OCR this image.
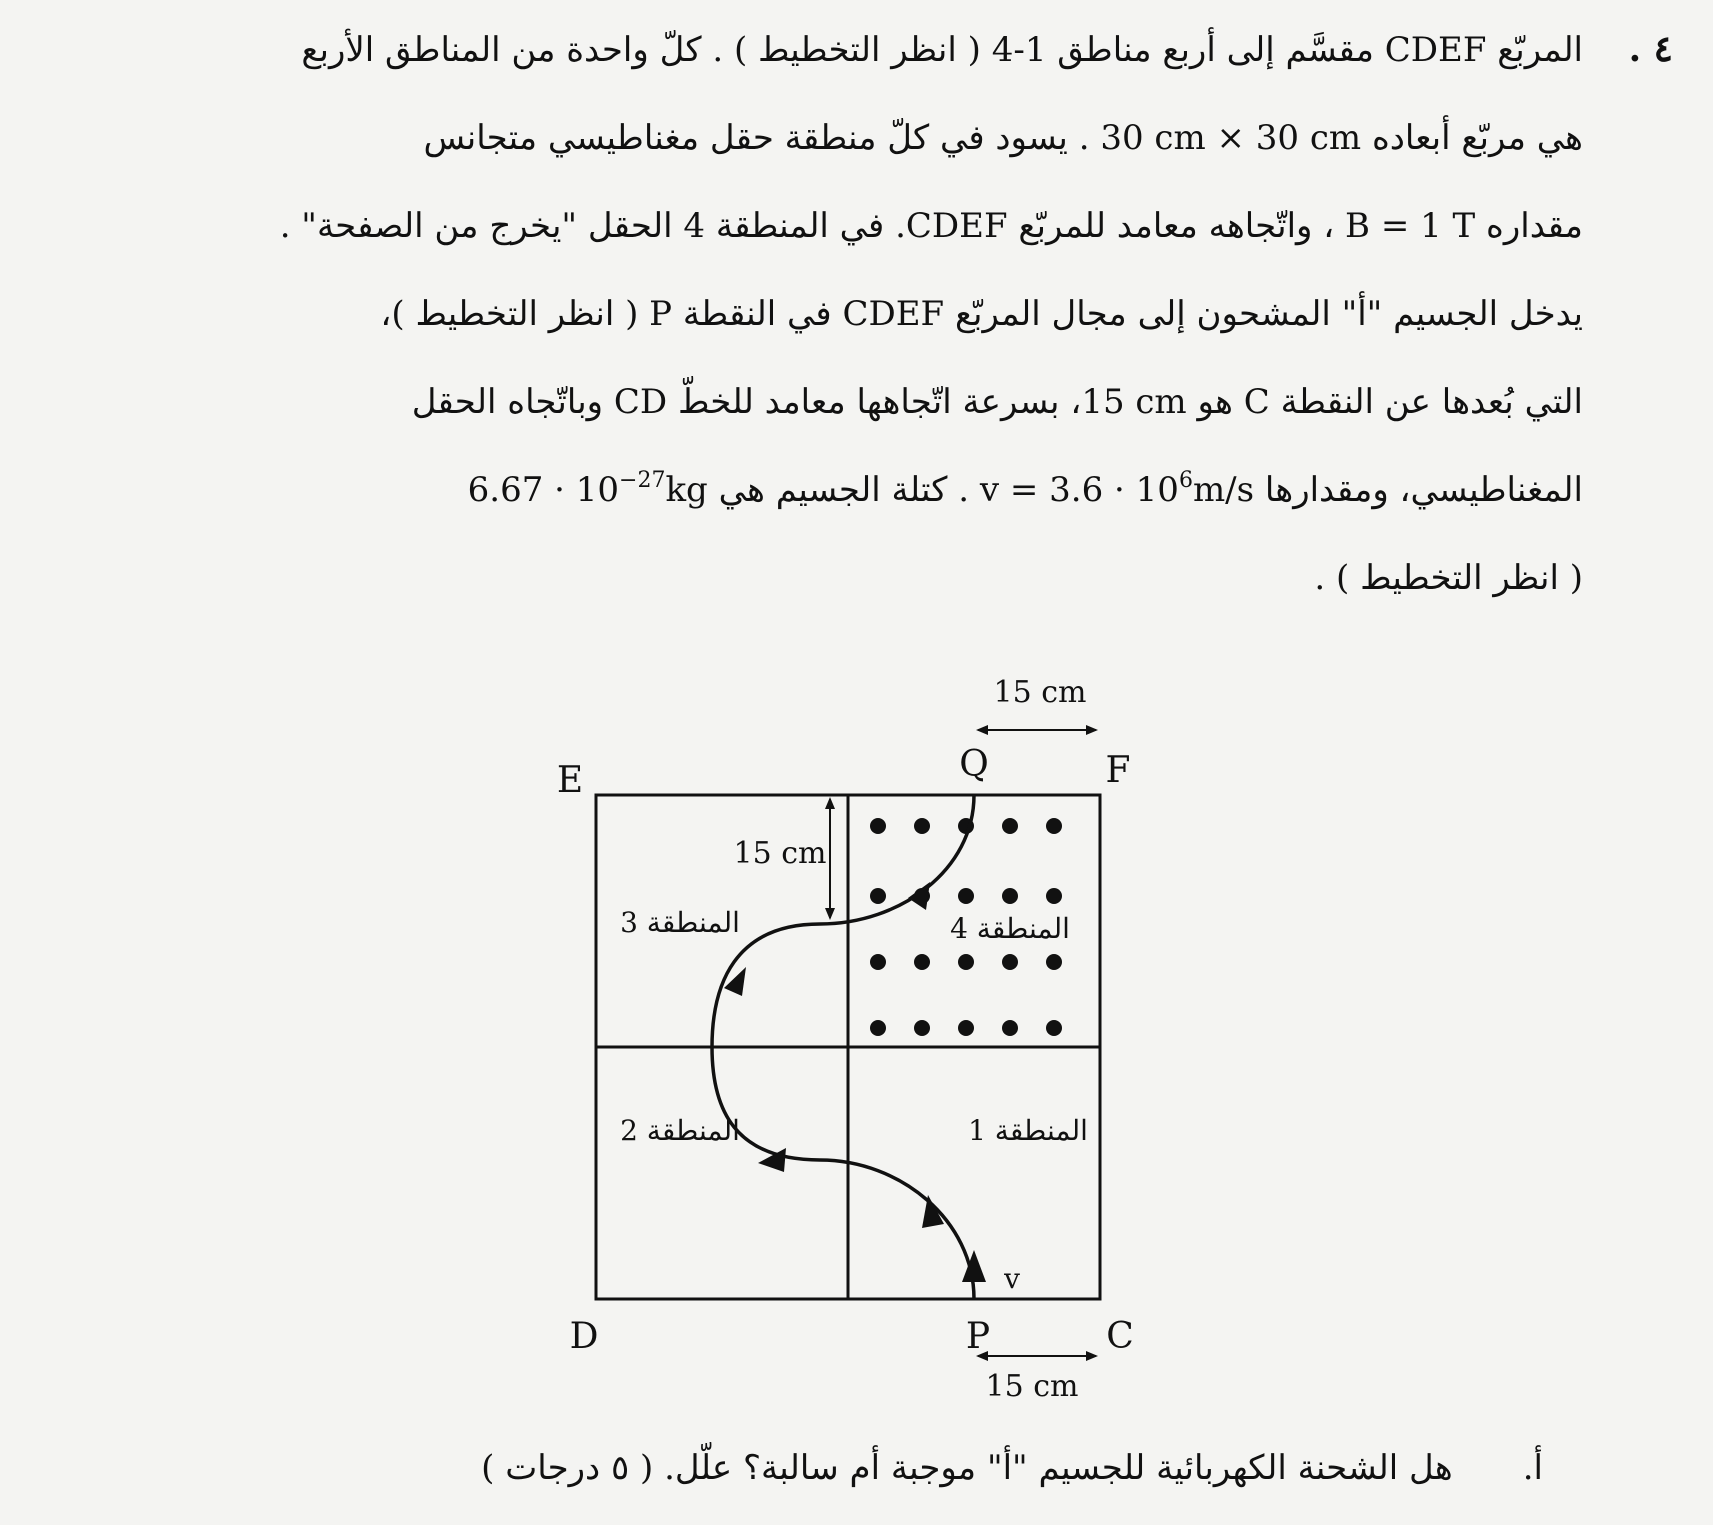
٤ .
المربّع CDEF مقسَّم إلى أربع مناطق 1-4 ( انظر التخطيط ) . كلّ واحدة من المناطق الأربع
هي مربّع أبعاده 30 cm × 30 cm . يسود في كلّ منطقة حقل مغناطيسي متجانس
مقداره B = 1 T ، واتّجاهه معامد للمربّع CDEF. في المنطقة 4 الحقل "يخرج من الصفحة" .
يدخل الجسيم "أ" المشحون إلى مجال المربّع CDEF في النقطة P ( انظر التخطيط )،
التي بُعدها عن النقطة C هو 15 cm، بسرعة اتّجاهها معامد للخطّ CD وباتّجاه الحقل
المغناطيسي، ومقدارها $v = 3.6 \cdot 10^6m/s$ . كتلة الجسيم هي $6.67 \cdot 10^{-27}kg$
( انظر التخطيط ) .
15 cm
15 cm
15 cm
E	F
D	C
Q
P
v
المنطقة 1
المنطقة 2
المنطقة 3	المنطقة 4
أ.هل الشحنة الكهربائية للجسيم "أ" موجبة أم سالبة؟ علّل. ( ٥ درجات )
